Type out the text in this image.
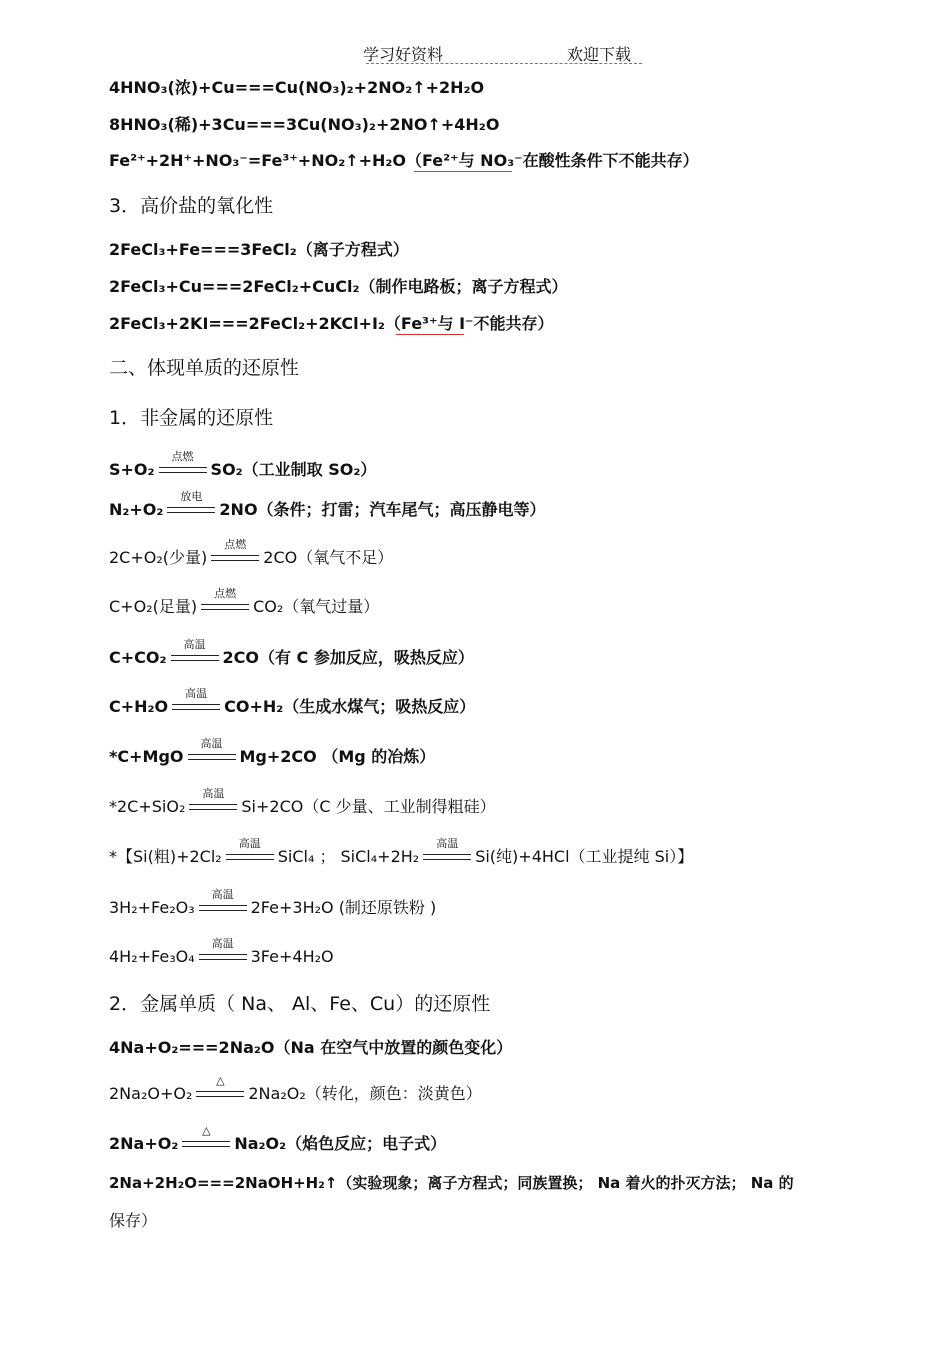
学习好资料	欢迎下载
4HNO₃(浓)+Cu===Cu(NO₃)₂+2NO₂↑+2H₂O
8HNO₃(稀)+3Cu===3Cu(NO₃)₂+2NO↑+4H₂O
Fe²⁺+2H⁺+NO₃⁻=Fe³⁺+NO₂↑+H₂O（Fe²⁺与 NO₃⁻在酸性条件下不能共存）
3．高价盐的氧化性
2FeCl₃+Fe===3FeCl₂（离子方程式）
2FeCl₃+Cu===2FeCl₂+CuCl₂（制作电路板；离子方程式）
2FeCl₃+2KI===2FeCl₂+2KCl+I₂（Fe³⁺与 I⁻不能共存）
二、体现单质的还原性
1．非金属的还原性
S+O₂
点燃
SO₂（工业制取 SO₂）
N₂+O₂
放电
2NO（条件；打雷；汽车尾气；高压静电等）
2C+O₂(少量)
点燃
2CO（氧气不足）
C+O₂(足量)
点燃
CO₂（氧气过量）
C+CO₂
高温
2CO（有 C 参加反应，吸热反应）
C+H₂O
高温
CO+H₂（生成水煤气；吸热反应）
*C+MgO
高温
Mg+2CO （Mg 的冶炼）
*2C+SiO₂
高温
Si+2CO（C 少量、工业制得粗硅）
*【Si(粗)+2Cl₂
高温
SiCl₄ ； SiCl₄+2H₂
高温
Si(纯)+4HCl（工业提纯 Si）】
3H₂+Fe₂O₃
高温
2Fe+3H₂O (制还原铁粉 )
4H₂+Fe₃O₄
高温
3Fe+4H₂O
2．金属单质（ Na、 Al、Fe、Cu）的还原性
4Na+O₂===2Na₂O（Na 在空气中放置的颜色变化）
2Na₂O+O₂
△
2Na₂O₂（转化，颜色：淡黄色）
2Na+O₂
△
Na₂O₂（焰色反应；电子式）
2Na+2H₂O===2NaOH+H₂↑（实验现象；离子方程式；同族置换； Na 着火的扑灭方法； Na 的
保存）
